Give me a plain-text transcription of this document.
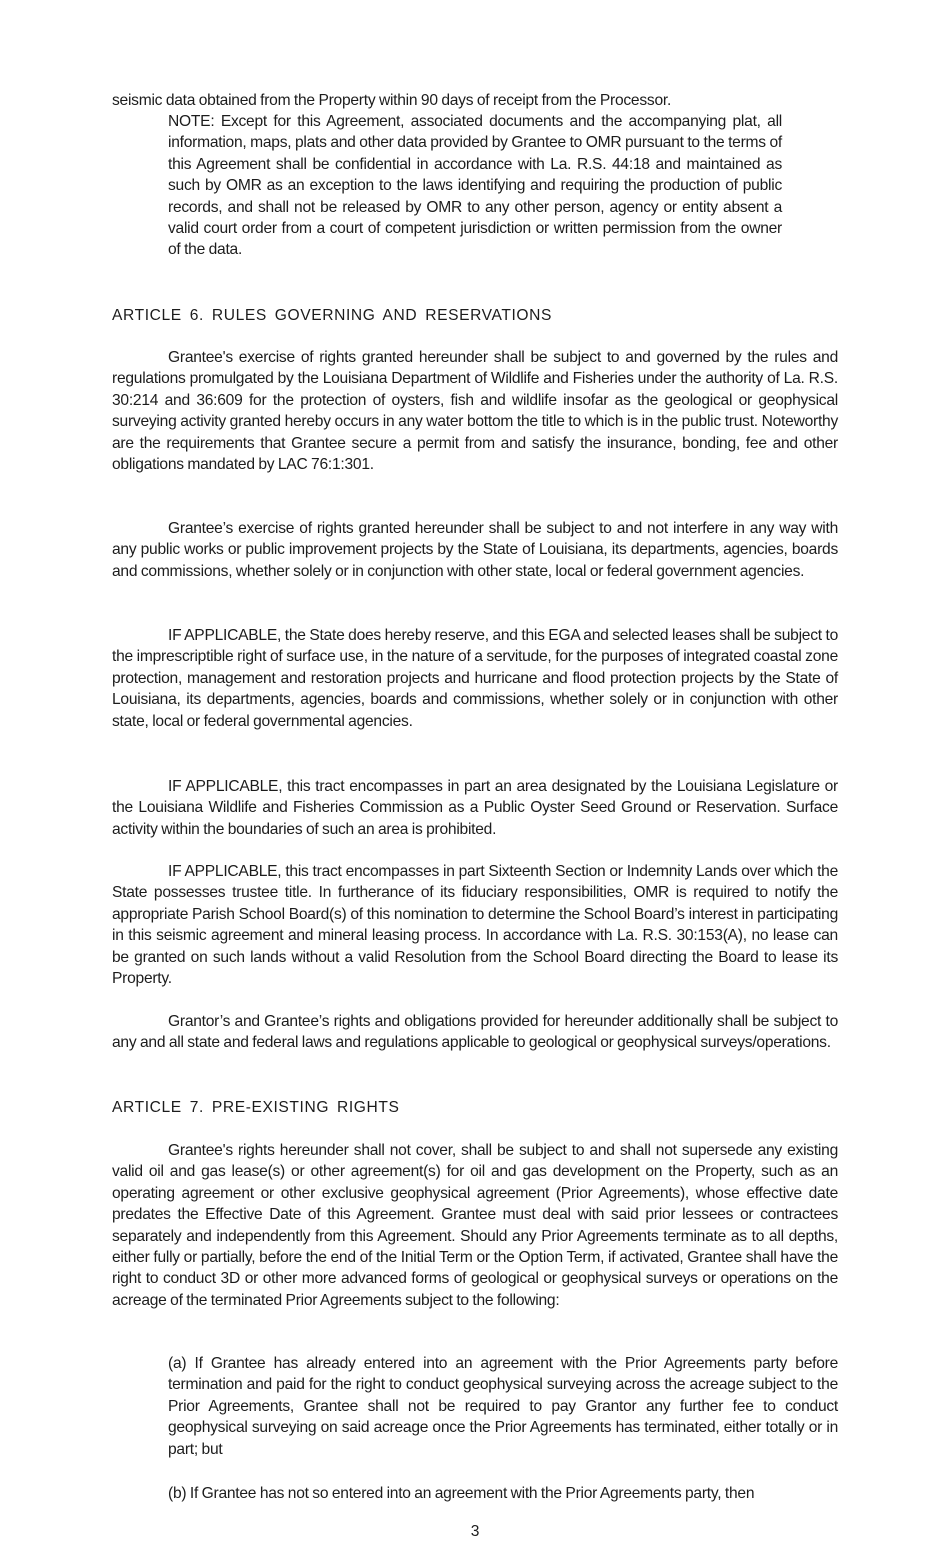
seismic data obtained from the Property within 90 days of receipt from the Processor.

NOTE: Except for this Agreement, associated documents and the accompanying plat, all information, maps, plats and other data provided by Grantee to OMR pursuant to the terms of this Agreement shall be confidential in accordance with La. R.S. 44:18 and maintained as such by OMR as an exception to the laws identifying and requiring the production of public records, and shall not be released by OMR to any other person, agency or entity absent a valid court order from a court of competent jurisdiction or written permission from the owner of the data.

ARTICLE 6. RULES GOVERNING AND RESERVATIONS

Grantee's exercise of rights granted hereunder shall be subject to and governed by the rules and regulations promulgated by the Louisiana Department of Wildlife and Fisheries under the authority of La. R.S. 30:214 and 36:609 for the protection of oysters, fish and wildlife insofar as the geological or geophysical surveying activity granted hereby occurs in any water bottom the title to which is in the public trust. Noteworthy are the requirements that Grantee secure a permit from and satisfy the insurance, bonding, fee and other obligations mandated by LAC 76:1:301.

Grantee’s exercise of rights granted hereunder shall be subject to and not interfere in any way with any public works or public improvement projects by the State of Louisiana, its departments, agencies, boards and commissions, whether solely or in conjunction with other state, local or federal government agencies.

IF APPLICABLE, the State does hereby reserve, and this EGA and selected leases shall be subject to the imprescriptible right of surface use, in the nature of a servitude, for the purposes of integrated coastal zone protection, management and restoration projects and hurricane and flood protection projects by the State of Louisiana, its departments, agencies, boards and commissions, whether solely or in conjunction with other state, local or federal governmental agencies.

IF APPLICABLE, this tract encompasses in part an area designated by the Louisiana Legislature or the Louisiana Wildlife and Fisheries Commission as a Public Oyster Seed Ground or Reservation. Surface activity within the boundaries of such an area is prohibited.

IF APPLICABLE, this tract encompasses in part Sixteenth Section or Indemnity Lands over which the State possesses trustee title. In furtherance of its fiduciary responsibilities, OMR is required to notify the appropriate Parish School Board(s) of this nomination to determine the School Board’s interest in participating in this seismic agreement and mineral leasing process. In accordance with La. R.S. 30:153(A), no lease can be granted on such lands without a valid Resolution from the School Board directing the Board to lease its Property.

Grantor’s and Grantee’s rights and obligations provided for hereunder additionally shall be subject to any and all state and federal laws and regulations applicable to geological or geophysical surveys/operations.

ARTICLE 7. PRE-EXISTING RIGHTS

Grantee's rights hereunder shall not cover, shall be subject to and shall not supersede any existing valid oil and gas lease(s) or other agreement(s) for oil and gas development on the Property, such as an operating agreement or other exclusive geophysical agreement (Prior Agreements), whose effective date predates the Effective Date of this Agreement. Grantee must deal with said prior lessees or contractees separately and independently from this Agreement. Should any Prior Agreements terminate as to all depths, either fully or partially, before the end of the Initial Term or the Option Term, if activated, Grantee shall have the right to conduct 3D or other more advanced forms of geological or geophysical surveys or operations on the acreage of the terminated Prior Agreements subject to the following:

(a) If Grantee has already entered into an agreement with the Prior Agreements party before termination and paid for the right to conduct geophysical surveying across the acreage subject to the Prior Agreements, Grantee shall not be required to pay Grantor any further fee to conduct geophysical surveying on said acreage once the Prior Agreements has terminated, either totally or in part; but

(b) If Grantee has not so entered into an agreement with the Prior Agreements party, then

3
